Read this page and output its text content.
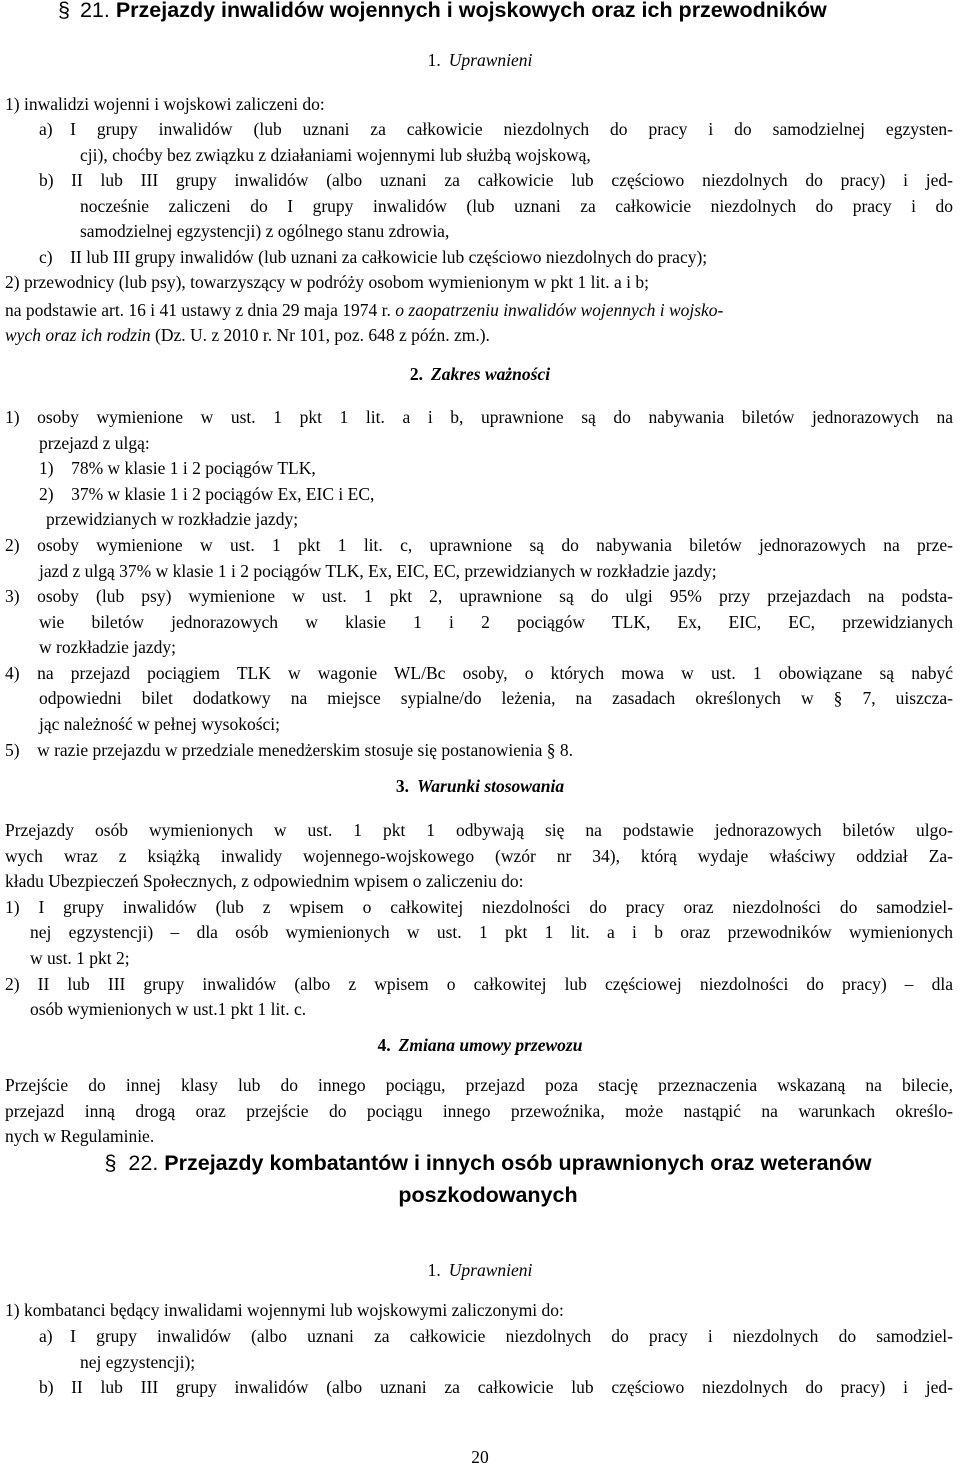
§ 21. Przejazdy inwalidów wojennych i wojskowych oraz ich przewodników
1. Uprawnieni
1) inwalidzi wojenni i wojskowi zaliczeni do:
a) I grupy inwalidów (lub uznani za całkowicie niezdolnych do pracy i do samodzielnej egzysten-
cji), choćby bez związku z działaniami wojennymi lub służbą wojskową,
b) II lub III grupy inwalidów (albo uznani za całkowicie lub częściowo niezdolnych do pracy) i jed-
nocześnie zaliczeni do I grupy inwalidów (lub uznani za całkowicie niezdolnych do pracy i do
samodzielnej egzystencji) z ogólnego stanu zdrowia,
c) II lub III grupy inwalidów (lub uznani za całkowicie lub częściowo niezdolnych do pracy);
2) przewodnicy (lub psy), towarzyszący w podróży osobom wymienionym w pkt 1 lit. a i b;
na podstawie art. 16 i 41 ustawy z dnia 29 maja 1974 r. o zaopatrzeniu inwalidów wojennych i wojsko-
wych oraz ich rodzin (Dz. U. z 2010 r. Nr 101, poz. 648 z późn. zm.).
2. Zakres ważności
1) osoby wymienione w ust. 1 pkt 1 lit. a i b, uprawnione są do nabywania biletów jednorazowych na
przejazd z ulgą:
1) 78% w klasie 1 i 2 pociągów TLK,
2) 37% w klasie 1 i 2 pociągów Ex, EIC i EC,
przewidzianych w rozkładzie jazdy;
2) osoby wymienione w ust. 1 pkt 1 lit. c, uprawnione są do nabywania biletów jednorazowych na prze-
jazd z ulgą 37% w klasie 1 i 2 pociągów TLK, Ex, EIC, EC, przewidzianych w rozkładzie jazdy;
3) osoby (lub psy) wymienione w ust. 1 pkt 2, uprawnione są do ulgi 95% przy przejazdach na podsta-
wie biletów jednorazowych w klasie 1 i 2 pociągów TLK, Ex, EIC, EC, przewidzianych
w rozkładzie jazdy;
4) na przejazd pociągiem TLK w wagonie WL/Bc osoby, o których mowa w ust. 1 obowiązane są nabyć
odpowiedni bilet dodatkowy na miejsce sypialne/do leżenia, na zasadach określonych w § 7, uiszcza-
jąc należność w pełnej wysokości;
5) w razie przejazdu w przedziale menedżerskim stosuje się postanowienia § 8.
3. Warunki stosowania
Przejazdy osób wymienionych w ust. 1 pkt 1 odbywają się na podstawie jednorazowych biletów ulgo-
wych wraz z książką inwalidy wojennego-wojskowego (wzór nr 34), którą wydaje właściwy oddział Za-
kładu Ubezpieczeń Społecznych, z odpowiednim wpisem o zaliczeniu do:
1) I grupy inwalidów (lub z wpisem o całkowitej niezdolności do pracy oraz niezdolności do samodziel-
nej egzystencji) – dla osób wymienionych w ust. 1 pkt 1 lit. a i b oraz przewodników wymienionych
w ust. 1 pkt 2;
2) II lub III grupy inwalidów (albo z wpisem o całkowitej lub częściowej niezdolności do pracy) – dla
osób wymienionych w ust.1 pkt 1 lit. c.
4. Zmiana umowy przewozu
Przejście do innej klasy lub do innego pociągu, przejazd poza stację przeznaczenia wskazaną na bilecie,
przejazd inną drogą oraz przejście do pociągu innego przewoźnika, może nastąpić na warunkach określo-
nych w Regulaminie.
§ 22. Przejazdy kombatantów i innych osób uprawnionych oraz weteranów
poszkodowanych
1. Uprawnieni
1) kombatanci będący inwalidami wojennymi lub wojskowymi zaliczonymi do:
a) I grupy inwalidów (albo uznani za całkowicie niezdolnych do pracy i niezdolnych do samodziel-
nej egzystencji);
b) II lub III grupy inwalidów (albo uznani za całkowicie lub częściowo niezdolnych do pracy) i jed-
20
